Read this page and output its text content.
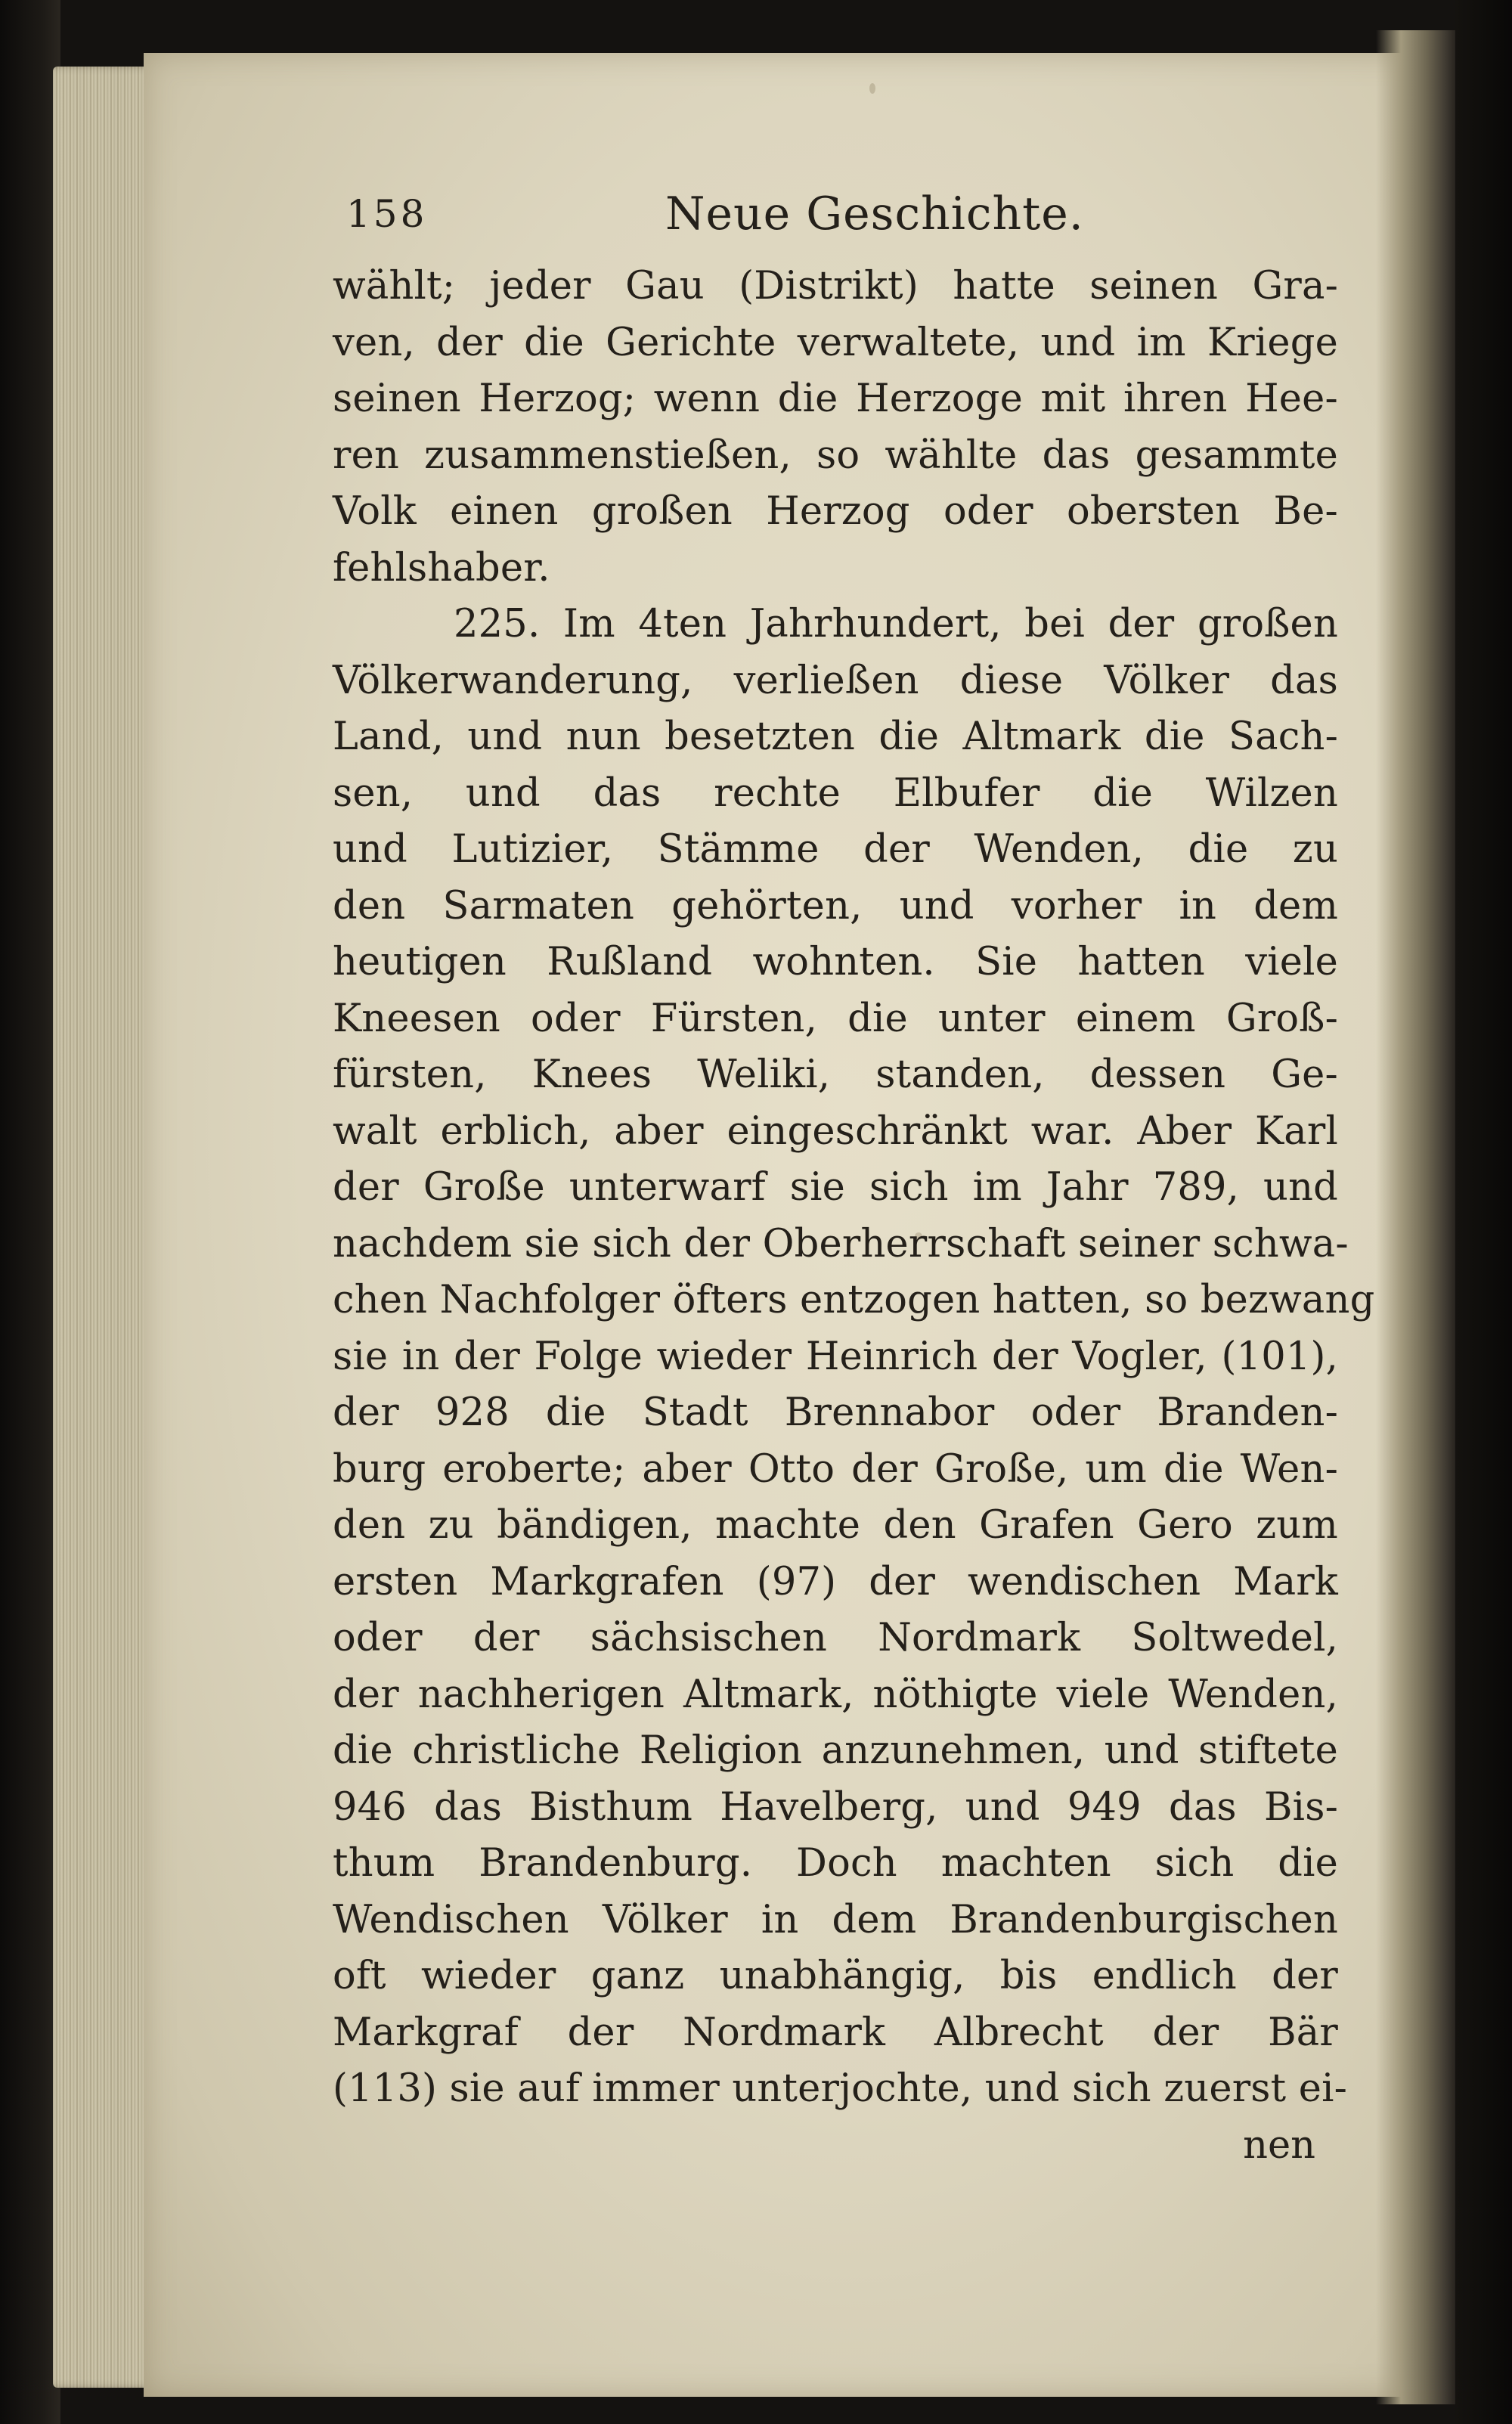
158	Neue Geschichte.
wählt; jeder Gau (Distrikt) hatte seinen Gra-
ven, der die Gerichte verwaltete, und im Kriege
seinen Herzog; wenn die Herzoge mit ihren Hee-
ren zusammenstießen, so wählte das gesammte
Volk einen großen Herzog oder obersten Be-
fehlshaber.
225. Im 4ten Jahrhundert, bei der großen
Völkerwanderung, verließen diese Völker das
Land, und nun besetzten die Altmark die Sach-
sen, und das rechte Elbufer die Wilzen
und Lutizier, Stämme der Wenden, die zu
den Sarmaten gehörten, und vorher in dem
heutigen Rußland wohnten. Sie hatten viele
Kneesen oder Fürsten, die unter einem Groß-
fürsten, Knees Weliki, standen, dessen Ge-
walt erblich, aber eingeschränkt war. Aber Karl
der Große unterwarf sie sich im Jahr 789, und
nachdem sie sich der Oberherrschaft seiner schwa-
chen Nachfolger öfters entzogen hatten, so bezwang
sie in der Folge wieder Heinrich der Vogler, (101),
der 928 die Stadt Brennabor oder Branden-
burg eroberte; aber Otto der Große, um die Wen-
den zu bändigen, machte den Grafen Gero zum
ersten Markgrafen (97) der wendischen Mark
oder der sächsischen Nordmark Soltwedel,
der nachherigen Altmark, nöthigte viele Wenden,
die christliche Religion anzunehmen, und stiftete
946 das Bisthum Havelberg, und 949 das Bis-
thum Brandenburg. Doch machten sich die
Wendischen Völker in dem Brandenburgischen
oft wieder ganz unabhängig, bis endlich der
Markgraf der Nordmark Albrecht der Bär
(113) sie auf immer unterjochte, und sich zuerst ei-
nen
